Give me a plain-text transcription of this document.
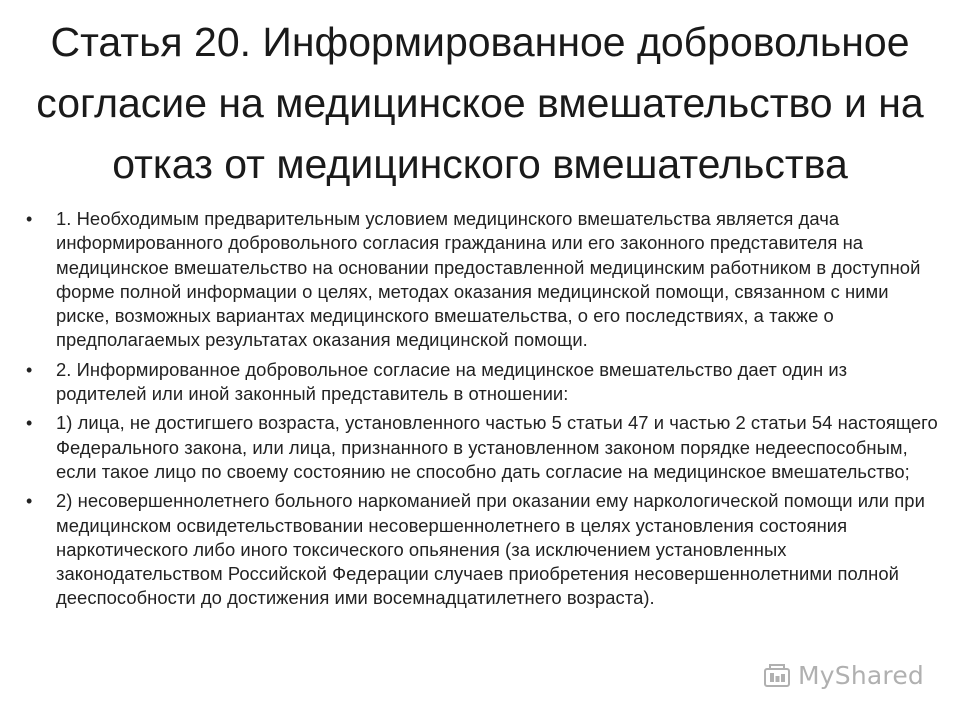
Статья 20. Информированное добровольное согласие на медицинское вмешательство и на отказ от медицинского вмешательства
•	1. Необходимым предварительным условием медицинского вмешательства является дача информированного добровольного согласия гражданина или его законного представителя на медицинское вмешательство на основании предоставленной медицинским работником в доступной форме полной информации о целях, методах оказания медицинской помощи, связанном с ними риске, возможных вариантах медицинского вмешательства, о его последствиях, а также о предполагаемых результатах оказания медицинской помощи.
•	2. Информированное добровольное согласие на медицинское вмешательство дает один из родителей или иной законный представитель в отношении:
•	1) лица, не достигшего возраста, установленного частью 5 статьи 47 и частью 2 статьи 54 настоящего Федерального закона, или лица, признанного в установленном законом порядке недееспособным, если такое лицо по своему состоянию не способно дать согласие на медицинское вмешательство;
•	2) несовершеннолетнего больного наркоманией при оказании ему наркологической помощи или при медицинском освидетельствовании несовершеннолетнего в целях установления состояния наркотического либо иного токсического опьянения (за исключением установленных законодательством Российской Федерации случаев приобретения несовершеннолетними полной дееспособности до достижения ими восемнадцатилетнего возраста).
MyShared
